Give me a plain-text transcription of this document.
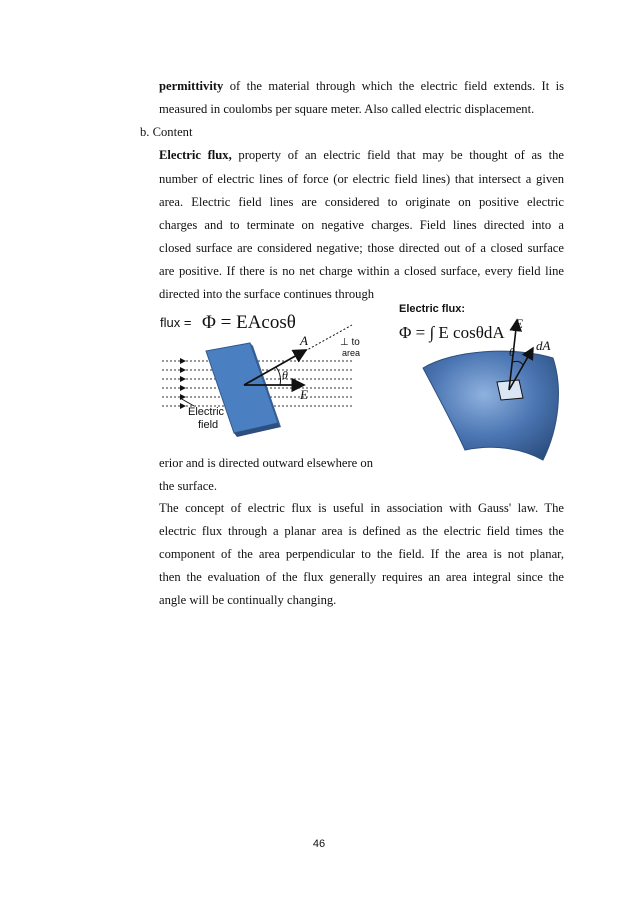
permittivity of the material through which the electric field extends. It is
measured in coulombs per square meter. Also called electric displacement.
b. Content
Electric flux, property of an electric field that may be thought of as the
number of electric lines of force (or electric field lines) that intersect a given
area. Electric field lines are considered to originate on positive electric
charges and to terminate on negative charges. Field lines directed into a
closed surface are considered negative; those directed out of a closed surface
are positive. If there is no net charge within a closed surface, every field line
directed into the surface continues through
flux = Φ = EAcosθ
A
θ
E
⊥ to
area
Electric
field
Electric flux:
Φ = ∫ E cosθdA E
θ dA
erior and is directed outward elsewhere on
the surface.
The concept of electric flux is useful in association with Gauss' law. The
electric flux through a planar area is defined as the electric field times the
component of the area perpendicular to the field. If the area is not planar,
then the evaluation of the flux generally requires an area integral since the
angle will be continually changing.
46
